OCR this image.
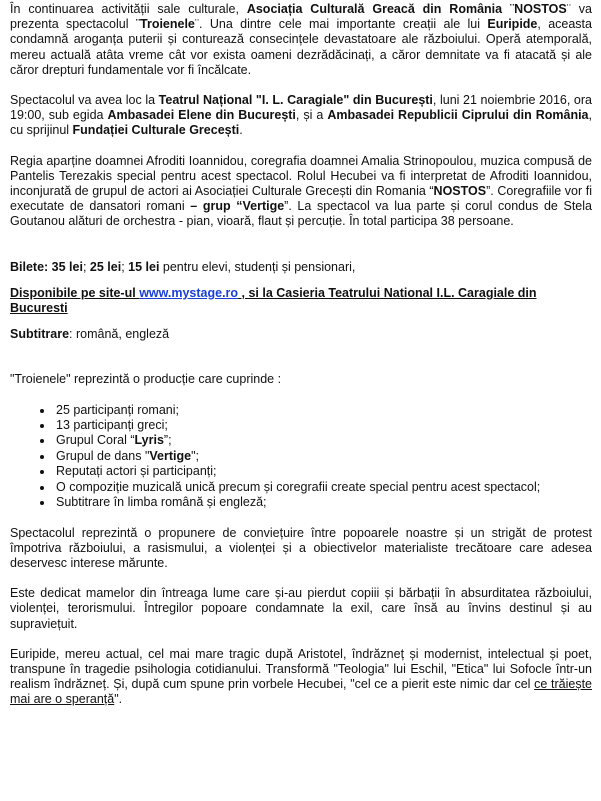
În continuarea activității sale culturale, Asociația Culturală Greacă din România ¨NOSTOS¨ va prezenta spectacolul ¨Troienele¨. Una dintre cele mai importante creații ale lui Euripide, aceasta condamnă aroganța puterii și conturează consecințele devastatoare ale războiului. Operă atemporală, mereu actuală atâta vreme cât vor exista oameni dezrădăcinați, a căror demnitate va fi atacată și ale căror drepturi fundamentale vor fi încălcate.

Spectacolul va avea loc la Teatrul Național "I. L. Caragiale" din București, luni 21 noiembrie 2016, ora 19:00, sub egida Ambasadei Elene din București, și a Ambasadei Republicii Ciprului din România, cu sprijinul Fundației Culturale Grecești.

Regia aparține doamnei Afroditi Ioannidou, coregrafia doamnei Amalia Strinopoulou, muzica compusă de Pantelis Terezakis special pentru acest spectacol. Rolul Hecubei va fi interpretat de Afroditi Ioannidou, inconjurată de grupul de actori ai Asociației Culturale Grecești din Romania “NOSTOS”. Coregrafiile vor fi executate de dansatori romani – grup “Vertige”. La spectacol va lua parte și corul condus de Stela Goutanou alături de orchestra - pian, vioară, flaut și percuție. În total participa 38 persoane.

Bilete: 35 lei; 25 lei; 15 lei pentru elevi, studenți și pensionari,

Disponibile pe site-ul www.mystage.ro , si la Casieria Teatrului National I.L. Caragiale din Bucuresti

Subtitrare: română, engleză

"Troienele" reprezintă o producție care cuprinde :

25 participanți romani;
13 participanți greci;
Grupul Coral “Lyris”;
Grupul de dans "Vertige";
Reputați actori și participanți;
O compoziție muzicală unică precum și coregrafii create special pentru acest spectacol;
Subtitrare în limba română și engleză;

Spectacolul reprezintă o propunere de conviețuire între popoarele noastre și un strigăt de protest împotriva războiului, a rasismului, a violenței și a obiectivelor materialiste trecătoare care adesea deservesc interese mărunte.

Este dedicat mamelor din întreaga lume care și-au pierdut copiii și bărbații în absurditatea războiului, violenței, terorismului. Întregilor popoare condamnate la exil, care însă au învins destinul și au supraviețuit.

Euripide, mereu actual, cel mai mare tragic după Aristotel, îndrăzneț și modernist, intelectual și poet, transpune în tragedie psihologia cotidianului. Transformă "Teologia" lui Eschil, "Etica" lui Sofocle într-un realism îndrăzneț. Și, după cum spune prin vorbele Hecubei, "cel ce a pierit este nimic dar cel ce trăiește mai are o speranță".
